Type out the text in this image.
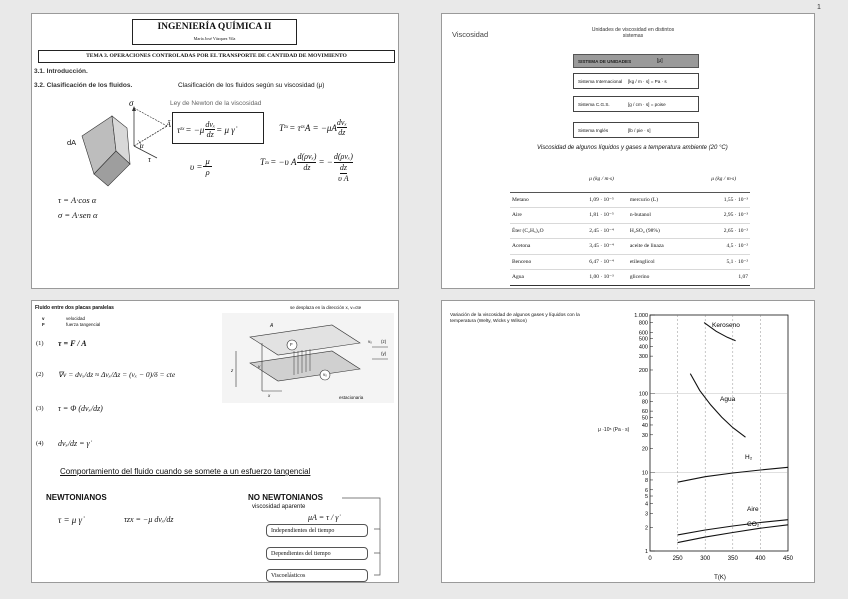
1
INGENIERÍA QUÍMICA II
María José Vázquez Vila
TEMA 3. OPERACIONES CONTROLADAS POR EL TRANSPORTE DE CANTIDAD DE MOVIMIENTO
3.1. Introducción.
3.2. Clasificación de los fluidos.	Clasificación de los fluidos según su viscosidad (μ)
Ley de Newton de la viscosidad
σ
Ā
dA	α
τ
τ = A·cos α
σ = A·sen α
τ zx = −μ dvₓ
dz = μ γ̇	T zx = τ zx A = −μA dvₓ
dz
$\upsilon = \frac{\mu}{\rho}$	T zx = −υ A
d(ρvₓ)
dz
= −
d(ρvₓ)
dz
υ A
Viscosidad	Unidades de viscosidad en distintos sistemas
SISTEMA DE UNIDADES	[μ]
Sistema Internacional	[kg / m · s] = Pa · s
Sistema C.G.S.	[g / cm · s] = poise
Sistema Inglés	[lb / pie · s]
Viscosidad de algunos líquidos y gases a temperatura ambiente (20 °C)
	μ (kg / m·s)		μ (kg / m·s)
Metano	1,09 · 10⁻⁵	mercurio (L)	1,55 · 10⁻³
Aire	1,81 · 10⁻⁵	n-butanol	2,95 · 10⁻³
Éter (C₂H₅)₂O	2,45 · 10⁻⁴	H₂SO₄ (98%)	2,65 · 10⁻²
Acetona	3,45 · 10⁻⁴	aceite de linaza	4,5 · 10⁻²
Benceno	6,47 · 10⁻⁴	etilenglicol	5,1 · 10⁻²
Agua	1,00 · 10⁻³	glicerino	1,07
Fluido entre dos placas paralelas
v	velocidad
F	fuerza tangencial
se desplaza en la dirección x, v=cte
(1) τ = F / A
(2) ∇v = dvₓ/dz ≈ Δvₓ/Δz = (vₓ − 0)/δ = cte
(3) τ = Φ (dvₓ/dz)
(4) dvₓ/dz = γ̇
A
F
vₓ
v
z
x
vₓ (z)
(y)
estacionaria
Comportamiento del fluido cuando se somete a un esfuerzo tangencial
NEWTONIANOS
τ = μ γ̇	τzx = −μ dvₓ/dz
NO NEWTONIANOS
viscosidad aparente
μA = τ / γ̇
Independientes del tiempo
Dependientes del tiempo
Viscoelásticos
Variación de la viscosidad de algunos gases y líquidos con la temperatura (Welty, Wicks y Wilson)
0	250	300	350	400	450
1
2
3
4
5
6
8
10
20
30
40
50
60
80
100
200
300
400
500
600
800
1.000
T(K)
Keroseno
Agua
H₂
Aire
CO₂
μ ·10⁵ (Pa · s)
